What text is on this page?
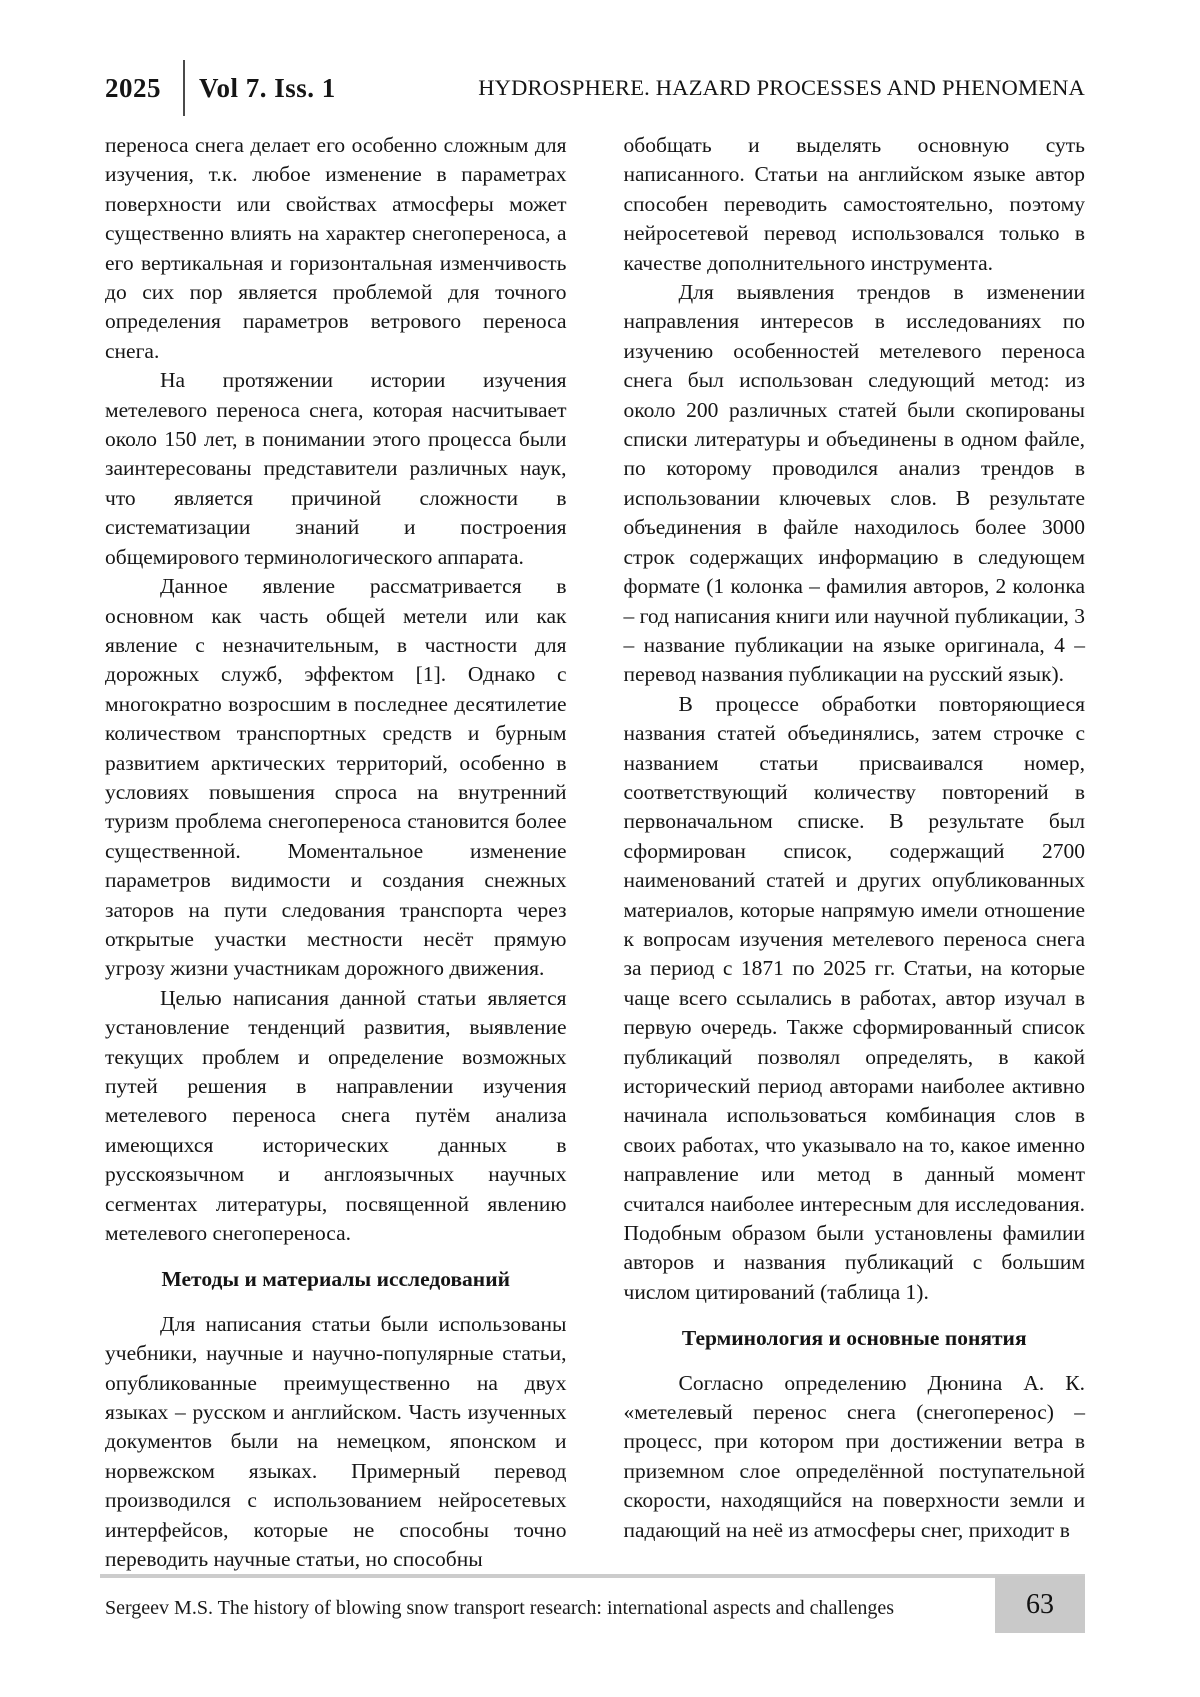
2025 Vol 7. Iss. 1	HYDROSPHERE. HAZARD PROCESSES AND PHENOMENA

переноса снега делает его особенно сложным для изучения, т.к. любое изменение в параметрах поверхности или свойствах атмосферы может существенно влиять на характер снегопереноса, а его вертикальная и горизонтальная изменчивость до сих пор является проблемой для точного определения параметров ветрового переноса снега.

На протяжении истории изучения метелевого переноса снега, которая насчитывает около 150 лет, в понимании этого процесса были заинтересованы представители различных наук, что является причиной сложности в систематизации знаний и построения общемирового терминологического аппарата.

Данное явление рассматривается в основном как часть общей метели или как явление с незначительным, в частности для дорожных служб, эффектом [1]. Однако с многократно возросшим в последнее десятилетие количеством транспортных средств и бурным развитием арктических территорий, особенно в условиях повышения спроса на внутренний туризм проблема снегопереноса становится более существенной. Моментальное изменение параметров видимости и создания снежных заторов на пути следования транспорта через открытые участки местности несёт прямую угрозу жизни участникам дорожного движения.

Целью написания данной статьи является установление тенденций развития, выявление текущих проблем и определение возможных путей решения в направлении изучения метелевого переноса снега путём анализа имеющихся исторических данных в русскоязычном и англоязычных научных сегментах литературы, посвященной явлению метелевого снегопереноса.

Методы и материалы исследований

Для написания статьи были использованы учебники, научные и научно-популярные статьи, опубликованные преимущественно на двух языках – русском и английском. Часть изученных документов были на немецком, японском и норвежском языках. Примерный перевод производился с использованием нейросетевых интерфейсов, которые не способны точно переводить научные статьи, но способны

обобщать и выделять основную суть написанного. Статьи на английском языке автор способен переводить самостоятельно, поэтому нейросетевой перевод использовался только в качестве дополнительного инструмента.

Для выявления трендов в изменении направления интересов в исследованиях по изучению особенностей метелевого переноса снега был использован следующий метод: из около 200 различных статей были скопированы списки литературы и объединены в одном файле, по которому проводился анализ трендов в использовании ключевых слов. В результате объединения в файле находилось более 3000 строк содержащих информацию в следующем формате (1 колонка – фамилия авторов, 2 колонка – год написания книги или научной публикации, 3 – название публикации на языке оригинала, 4 – перевод названия публикации на русский язык).

В процессе обработки повторяющиеся названия статей объединялись, затем строчке с названием статьи присваивался номер, соответствующий количеству повторений в первоначальном списке. В результате был сформирован список, содержащий 2700 наименований статей и других опубликованных материалов, которые напрямую имели отношение к вопросам изучения метелевого переноса снега за период с 1871 по 2025 гг. Статьи, на которые чаще всего ссылались в работах, автор изучал в первую очередь. Также сформированный список публикаций позволял определять, в какой исторический период авторами наиболее активно начинала использоваться комбинация слов в своих работах, что указывало на то, какое именно направление или метод в данный момент считался наиболее интересным для исследования. Подобным образом были установлены фамилии авторов и названия публикаций с большим числом цитирований (таблица 1).

Терминология и основные понятия

Согласно определению Дюнина А. К. «метелевый перенос снега (снегоперенос) – процесс, при котором при достижении ветра в приземном слое определённой поступательной скорости, находящийся на поверхности земли и падающий на неё из атмосферы снег, приходит в

63
Sergeev M.S. The history of blowing snow transport research: international aspects and challenges
